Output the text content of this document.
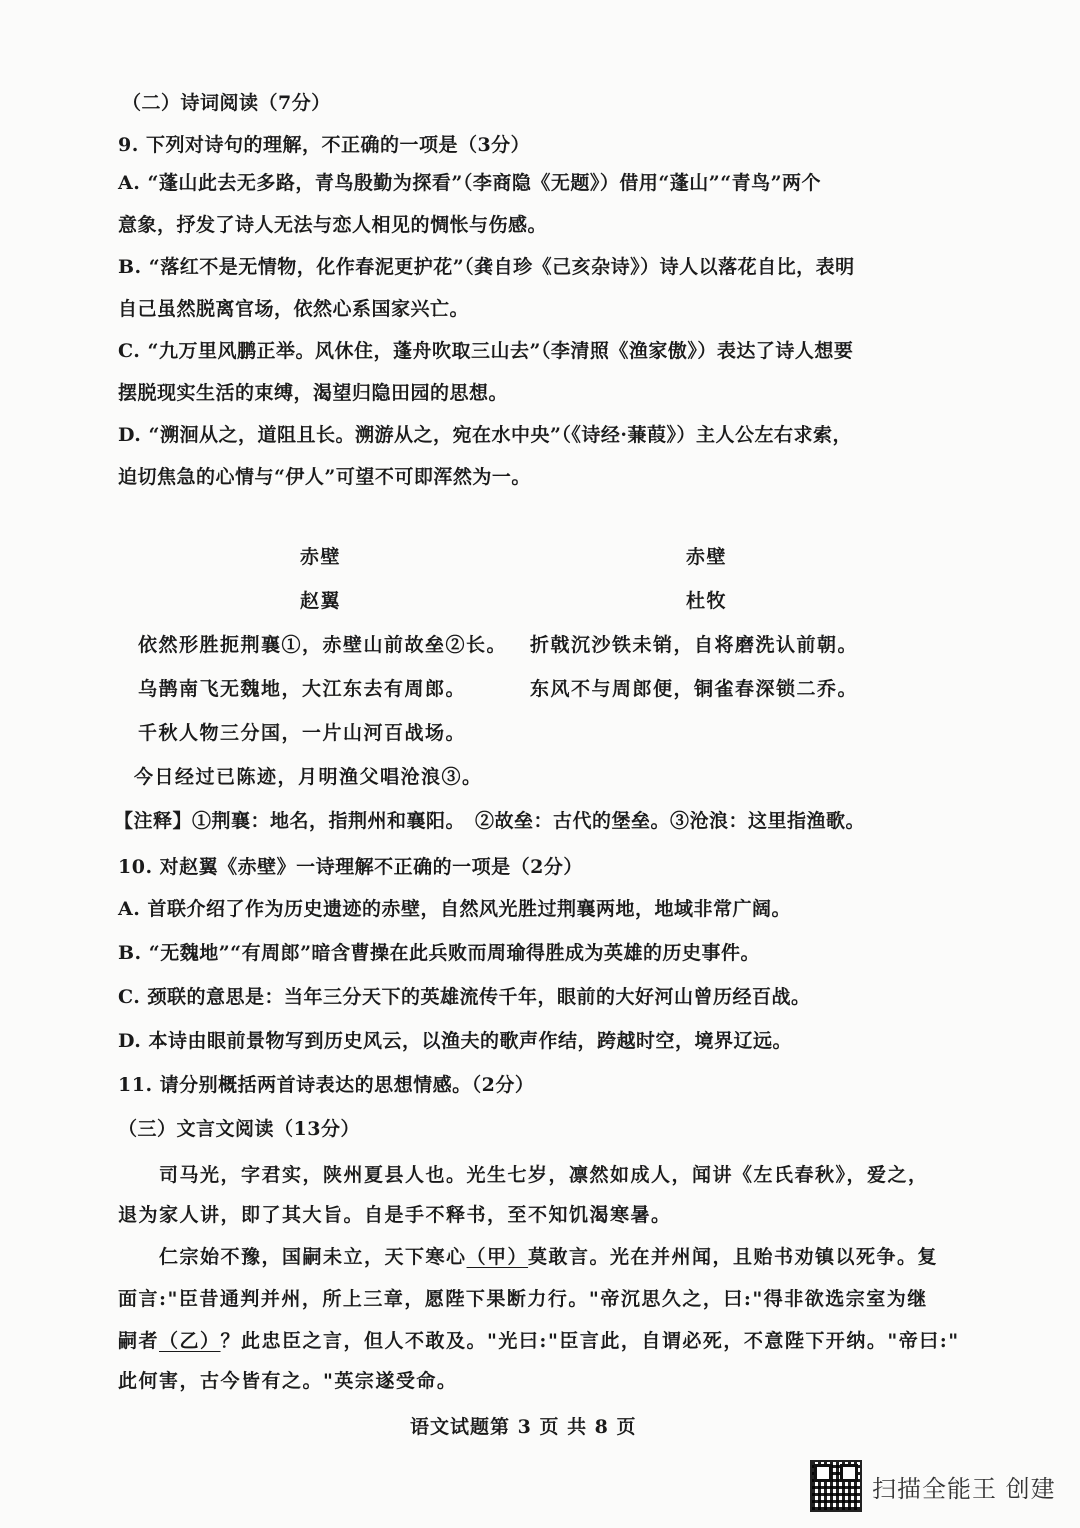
（二）诗词阅读（7分）
9. 下列对诗句的理解，不正确的一项是（3分）
A. “蓬山此去无多路，青鸟殷勤为探看”（李商隐《无题》）借用“蓬山”“青鸟”两个
意象，抒发了诗人无法与恋人相见的惆怅与伤感。
B. “落红不是无情物，化作春泥更护花”（龚自珍《己亥杂诗》）诗人以落花自比，表明
自己虽然脱离官场，依然心系国家兴亡。
C. “九万里风鹏正举。风休住，蓬舟吹取三山去”（李清照《渔家傲》）表达了诗人想要
摆脱现实生活的束缚，渴望归隐田园的思想。
D. “溯洄从之，道阻且长。溯游从之，宛在水中央”（《诗经·蒹葭》）主人公左右求索，
迫切焦急的心情与“伊人”可望不可即浑然为一。
赤壁
赵翼
依然形胜扼荆襄①，赤壁山前故垒②长。
乌鹊南飞无魏地，大江东去有周郎。
千秋人物三分国，一片山河百战场。
今日经过已陈迹，月明渔父唱沧浪③。
赤壁
杜牧
折戟沉沙铁未销，自将磨洗认前朝。
东风不与周郎便，铜雀春深锁二乔。
【注释】①荆襄：地名，指荆州和襄阳。　②故垒：古代的堡垒。③沧浪：这里指渔歌。
10. 对赵翼《赤壁》一诗理解不正确的一项是（2分）
A. 首联介绍了作为历史遗迹的赤壁，自然风光胜过荆襄两地，地域非常广阔。
B. “无魏地”“有周郎”暗含曹操在此兵败而周瑜得胜成为英雄的历史事件。
C. 颈联的意思是：当年三分天下的英雄流传千年，眼前的大好河山曾历经百战。
D. 本诗由眼前景物写到历史风云，以渔夫的歌声作结，跨越时空，境界辽远。
11. 请分别概括两首诗表达的思想情感。（2分）
（三）文言文阅读（13分）
　　司马光，字君实，陕州夏县人也。光生七岁，凛然如成人，闻讲《左氏春秋》，爱之，
退为家人讲，即了其大旨。自是手不释书，至不知饥渴寒暑。
　　仁宗始不豫，国嗣未立，天下寒心（甲）莫敢言。光在并州闻，且贻书劝镇以死争。复
面言:"臣昔通判并州，所上三章，愿陛下果断力行。"帝沉思久之，曰:"得非欲选宗室为继
嗣者（乙）？此忠臣之言，但人不敢及。"光曰:"臣言此，自谓必死，不意陛下开纳。"帝曰:"
此何害，古今皆有之。"英宗遂受命。
语文试题第 3 页 共 8 页
扫描全能王 创建
